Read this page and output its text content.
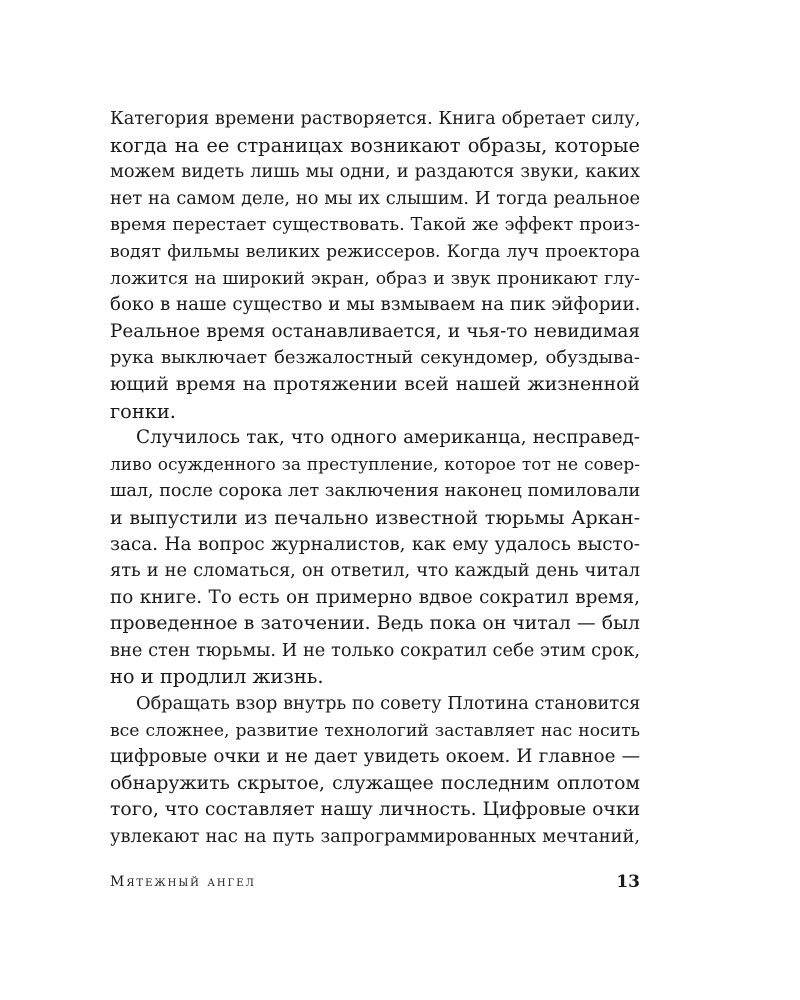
Категория времени растворяется. Книга обретает силу,
когда на ее страницах возникают образы, которые
можем видеть лишь мы одни, и раздаются звуки, каких
нет на самом деле, но мы их слышим. И тогда реальное
время перестает существовать. Такой же эффект произ-
водят фильмы великих режиссеров. Когда луч проектора
ложится на широкий экран, образ и звук проникают глу-
боко в наше существо и мы взмываем на пик эйфории.
Реальное время останавливается, и чья-то невидимая
рука выключает безжалостный секундомер, обуздыва-
ющий время на протяжении всей нашей жизненной
гонки.
Случилось так, что одного американца, несправед-
ливо осужденного за преступление, которое тот не совер-
шал, после сорока лет заключения наконец помиловали
и выпустили из печально известной тюрьмы Аркан-
заса. На вопрос журналистов, как ему удалось высто-
ять и не сломаться, он ответил, что каждый день читал
по книге. То есть он примерно вдвое сократил время,
проведенное в заточении. Ведь пока он читал — был
вне стен тюрьмы. И не только сократил себе этим срок,
но и продлил жизнь.
Обращать взор внутрь по совету Плотина становится
все сложнее, развитие технологий заставляет нас носить
цифровые очки и не дает увидеть окоем. И главное —
обнаружить скрытое, служащее последним оплотом
того, что составляет нашу личность. Цифровые очки
увлекают нас на путь запрограммированных мечтаний,
Мятежный ангел	13
